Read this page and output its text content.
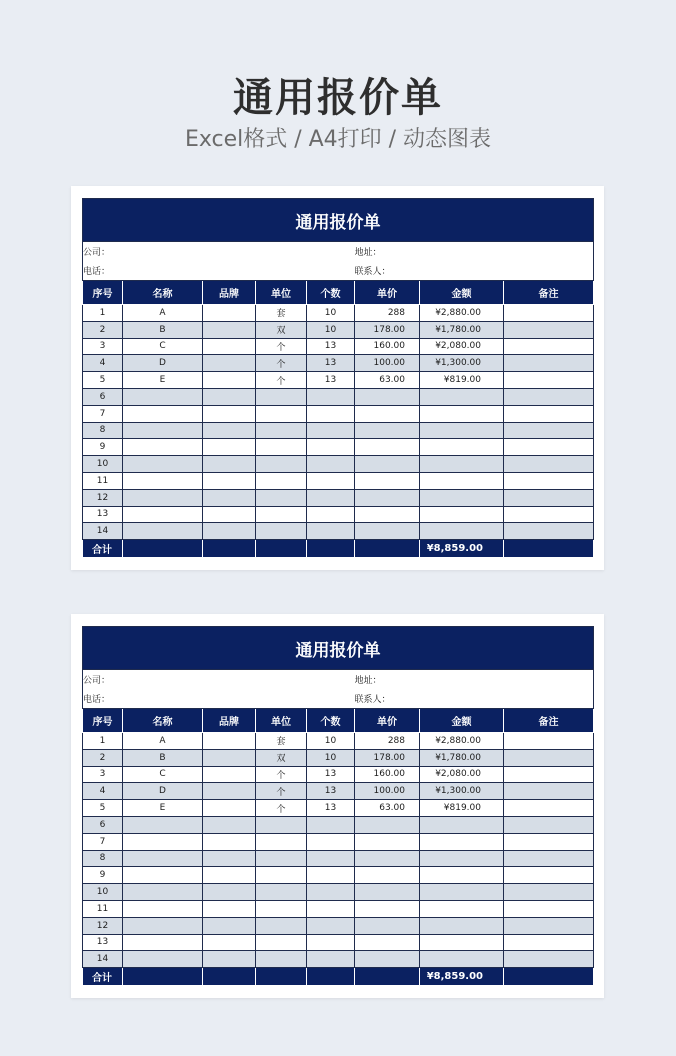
通用报价单
Excel格式 / A4打印 / 动态图表
通用报价单							
公司：					地址：		
电话：					联系人：		
序号	名称	品牌	单位	个数	单价	金额	备注
1	A		套	10	288	¥2,880.00	
2	B		双	10	178.00	¥1,780.00	
3	C		个	13	160.00	¥2,080.00	
4	D		个	13	100.00	¥1,300.00	
5	E		个	13	63.00	¥819.00	
6							
7							
8							
9							
10							
11							
12							
13							
14							
合计						¥8,859.00	
通用报价单							
公司：					地址：		
电话：					联系人：		
序号	名称	品牌	单位	个数	单价	金额	备注
1	A		套	10	288	¥2,880.00	
2	B		双	10	178.00	¥1,780.00	
3	C		个	13	160.00	¥2,080.00	
4	D		个	13	100.00	¥1,300.00	
5	E		个	13	63.00	¥819.00	
6							
7							
8							
9							
10							
11							
12							
13							
14							
合计						¥8,859.00	
